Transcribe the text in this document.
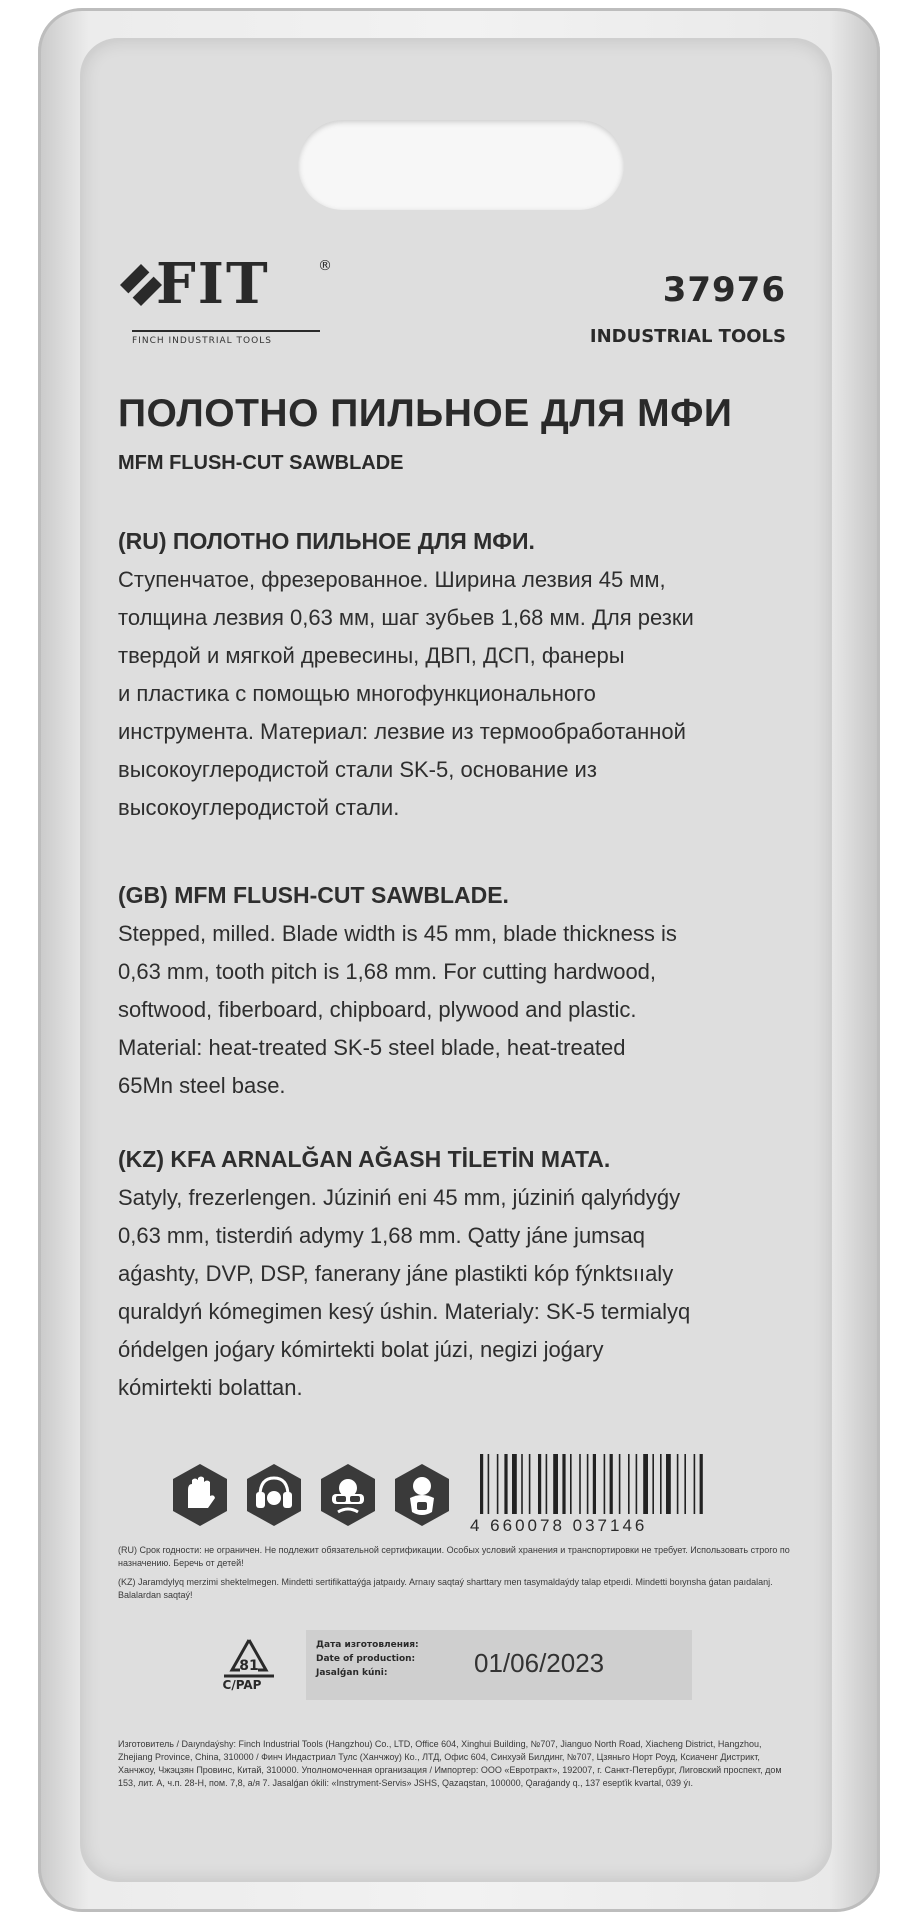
FIT	®
FINCH INDUSTRIAL TOOLS
37976
INDUSTRIAL TOOLS
ПОЛОТНО ПИЛЬНОЕ ДЛЯ МФИ
MFM FLUSH-CUT SAWBLADE
(RU) ПОЛОТНО ПИЛЬНОЕ ДЛЯ МФИ.

Ступенчатое, фрезерованное. Ширина лезвия 45 мм,

толщина лезвия 0,63 мм, шаг зубьев 1,68 мм. Для резки

твердой и мягкой древесины, ДВП, ДСП, фанеры

и пластика с помощью многофункционального

инструмента. Материал: лезвие из термообработанной

высокоуглеродистой стали SK-5, основание из

высокоуглеродистой стали.

(GB) MFM FLUSH-CUT SAWBLADE.

Stepped, milled. Blade width is 45 mm, blade thickness is

0,63 mm, tooth pitch is 1,68 mm. For cutting hardwood,

softwood, fiberboard, chipboard, plywood and plastic.

Material: heat-treated SK-5 steel blade, heat-treated

65Mn steel base.

(KZ) KFA ARNALĞAN AĞASH TİLETİN MATA.

Satyly, frezerlengen. Júziniń eni 45 mm, júziniń qalyńdyǵy

0,63 mm, tisterdiń adymy 1,68 mm. Qatty jáne jumsaq

aǵashty, DVP, DSP, faneranу jáne plastikti kóp fýnktsııaly

quraldyń kómegimen kesý úshin. Materialy: SK-5 termialyq

óńdelgen joǵary kómirtektі bolat júzi, negizi joǵary

kómirtektі bolattan.

4 660078 037146
(RU) Срок годности: не ограничен. Не подлежит обязательной сертификации. Особых условий хранения и транспортировки не требует. Использовать строго по назначению. Беречь от детей!
(KZ) Jaramdylyq merzimi shektelmegen. Mindetti sertifikattaýǵa jatpaıdy. Arnaıy saqtaý sharttary men tasymaldaýdy talap etpeıdi. Mindetti boıynsha ǵatan paıdalanj. Balalardan saqtaý!
81
C/PAP
Дата изготовления:
Date of production:
Jasalǵan kúni:	01/06/2023
Изготовитель / Daıyndaýshy: Finch Industrial Tools (Hangzhou) Co., LTD, Office 604, Xinghui Building, №707, Jianguo North Road, Xiacheng District, Hangzhou, Zhejiang Province, China, 310000 / Финч Индастриал Тулс (Ханчжоу) Ко., ЛТД, Офис 604, Синхуэй Билдинг, №707, Цзяньго Норт Роуд, Ксиаченг Дистрикт, Ханчжоу, Чжэцзян Провинс, Китай, 310000. Уполномоченная организация / Импортер: ООО «Евротракт», 192007, г. Санкт-Петербург, Лиговский проспект, дом 153, лит. А, ч.п. 28-Н, пом. 7,8, а/я 7. Jasalǵan ókili: «Instryment-Servis» JSHS, Qazaqstan, 100000, Qaraǵandy q., 137 esepťik kvartal, 039 ýı.
